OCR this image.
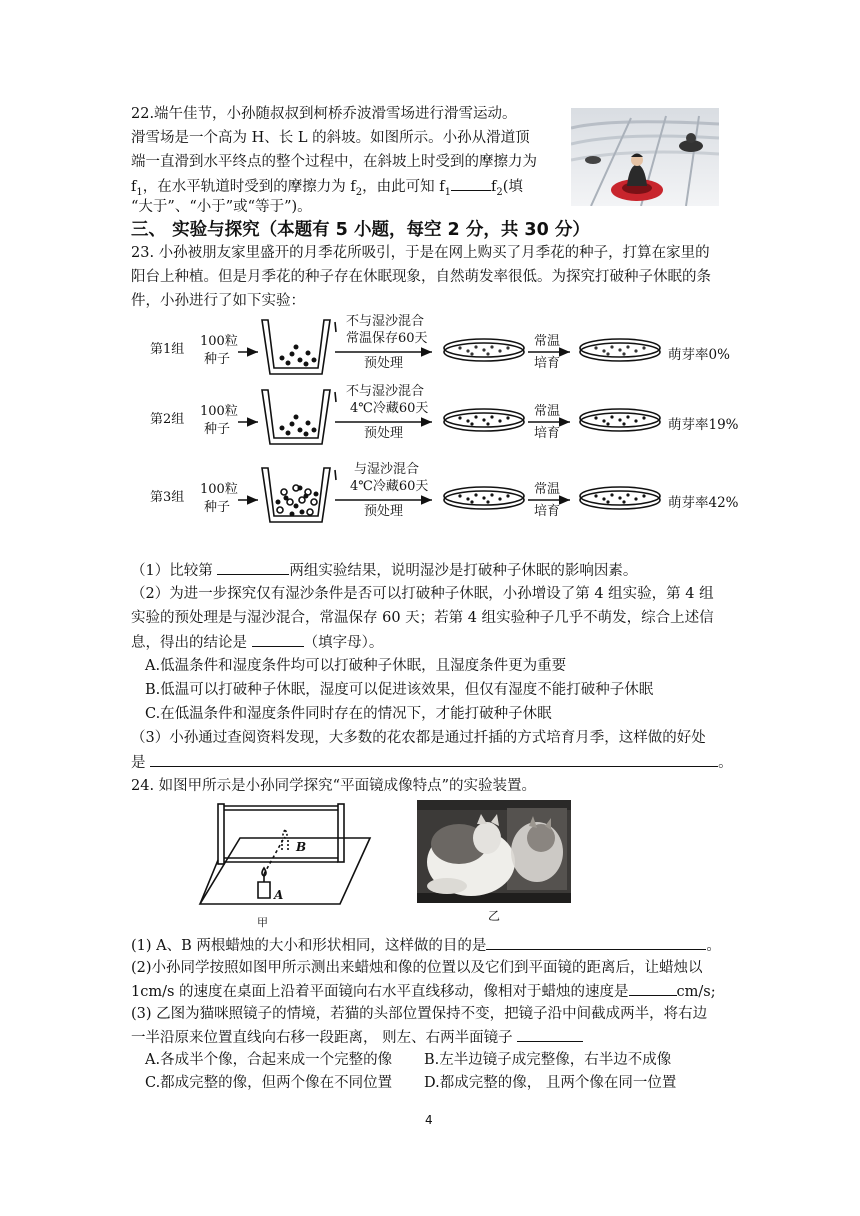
22.端午佳节，小孙随叔叔到柯桥乔波滑雪场进行滑雪运动。
滑雪场是一个高为 H、长 L 的斜坡。如图所示。小孙从滑道顶
端一直滑到水平终点的整个过程中，在斜坡上时受到的摩擦力为
$f_1$，在水平轨道时受到的摩擦力为 $f_2$，由此可知 $f_1$	$f_2$(填
“大于”、“小于”或“等于”)。
三、 实验与探究（本题有 5 小题，每空 2 分，共 30 分）
23. 小孙被朋友家里盛开的月季花所吸引，于是在网上购买了月季花的种子，打算在家里的
阳台上种植。但是月季花的种子存在休眠现象，自然萌发率很低。为探究打破种子休眠的条
件，小孙进行了如下实验：
第1组
100粒
种子
不与湿沙混合
常温保存60天
预处理
常温
培育
萌芽率0%
第2组
100粒
种子
不与湿沙混合
4℃冷藏60天
预处理
常温
培育
萌芽率19%
第3组
100粒
种子
与湿沙混合
4℃冷藏60天
预处理
常温
培育
萌芽率42%
（1）比较第	两组实验结果，说明湿沙是打破种子休眠的影响因素。
（2）为进一步探究仅有湿沙条件是否可以打破种子休眠，小孙增设了第 4 组实验，第 4 组
实验的预处理是与湿沙混合，常温保存 60 天；若第 4 组实验种子几乎不萌发，综合上述信
息，得出的结论是	（填字母）。
A.低温条件和湿度条件均可以打破种子休眠，且湿度条件更为重要
B.低温可以打破种子休眠，湿度可以促进该效果，但仅有湿度不能打破种子休眠
C.在低温条件和湿度条件同时存在的情况下，才能打破种子休眠
（3）小孙通过查阅资料发现，大多数的花农都是通过扦插的方式培育月季，这样做的好处
是	。
24. 如图甲所示是小孙同学探究“平面镜成像特点”的实验装置。
A
B
甲	乙
(1) A、B 两根蜡烛的大小和形状相同，这样做的目的是	。
(2)小孙同学按照如图甲所示测出来蜡烛和像的位置以及它们到平面镜的距离后，让蜡烛以
1cm/s 的速度在桌面上沿着平面镜向右水平直线移动，像相对于蜡烛的速度是	cm/s;
(3) 乙图为猫咪照镜子的情境，若猫的头部位置保持不变，把镜子沿中间截成两半，将右边
一半沿原来位置直线向右移一段距离， 则左、右两半面镜子
A.各成半个像，合起来成一个完整的像 B.左半边镜子成完整像，右半边不成像
C.都成完整的像，但两个像在不同位置 D.都成完整的像， 且两个像在同一位置
4
